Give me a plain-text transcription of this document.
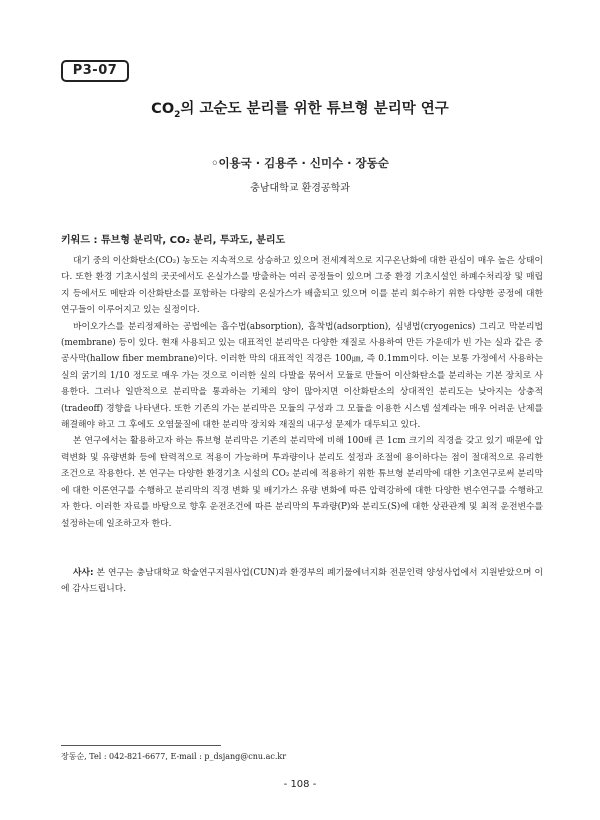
P3-07
$CO_2$의 고순도 분리를 위한 튜브형 분리막 연구
◦이용국 · 김용주 · 신미수 · 장동순
충남대학교 환경공학과
키워드 : 튜브형 분리막, CO₂ 분리, 투과도, 분리도

대기 중의 이산화탄소(CO₂) 농도는 지속적으로 상승하고 있으며 전세계적으로 지구온난화에 대한 관심이 매우 높은 상태이다. 또한 환경 기초시설의 곳곳에서도 온실가스를 방출하는 여러 공정들이 있으며 그중 환경 기초시설인 하폐수처리장 및 매립지 등에서도 메탄과 이산화탄소를 포함하는 다량의 온실가스가 배출되고 있으며 이를 분리 회수하기 위한 다양한 공정에 대한 연구들이 이루어지고 있는 실정이다.

바이오가스를 분리정제하는 공법에는 흡수법(absorption), 흡착법(adsorption), 심냉법(cryogenics) 그리고 막분리법(membrane) 등이 있다. 현재 사용되고 있는 대표적인 분리막은 다양한 재질로 사용하여 만든 가운데가 빈 가는 실과 같은 중공사막(hallow fiber membrane)이다. 이러한 막의 대표적인 직경은 100㎛, 즉 0.1mm이다. 이는 보통 가정에서 사용하는 실의 굵기의 1/10 정도로 매우 가는 것으로 이러한 실의 다발을 묶어서 모듈로 만들어 이산화탄소를 분리하는 기본 장치로 사용한다. 그러나 일반적으로 분리막을 통과하는 기체의 양이 많아지면 이산화탄소의 상대적인 분리도는 낮아지는 상충적(tradeoff) 경향을 나타낸다. 또한 기존의 가는 분리막은 모듈의 구성과 그 모듈을 이용한 시스템 설계라는 매우 어려운 난제를 해결해야 하고 그 후에도 오염물질에 대한 분리막 장치와 재질의 내구성 문제가 대두되고 있다.

본 연구에서는 활용하고자 하는 튜브형 분리막은 기존의 분리막에 비해 100배 큰 1cm 크기의 직경을 갖고 있기 때문에 압력변화 및 유량변화 등에 탄력적으로 적용이 가능하며 투과량이나 분리도 설정과 조절에 용이하다는 점이 절대적으로 유리한 조건으로 작용한다. 본 연구는 다양한 환경기초 시설의 CO₂ 분리에 적용하기 위한 튜브형 분리막에 대한 기초연구로써 분리막에 대한 이론연구를 수행하고 분리막의 직경 변화 및 배기가스 유량 변화에 따른 압력강하에 대한 다양한 변수연구를 수행하고자 한다. 이러한 자료를 바탕으로 향후 운전조건에 따른 분리막의 투과량(P)와 분리도(S)에 대한 상관관계 및 최적 운전변수를 설정하는데 일조하고자 한다.

사사: 본 연구는 충남대학교 학술연구지원사업(CUN)과 환경부의 폐기물에너지화 전문인력 양성사업에서 지원받았으며 이에 감사드립니다.
장동순, Tel : 042-821-6677, E-mail : p_dsjang@cnu.ac.kr
- 108 -
